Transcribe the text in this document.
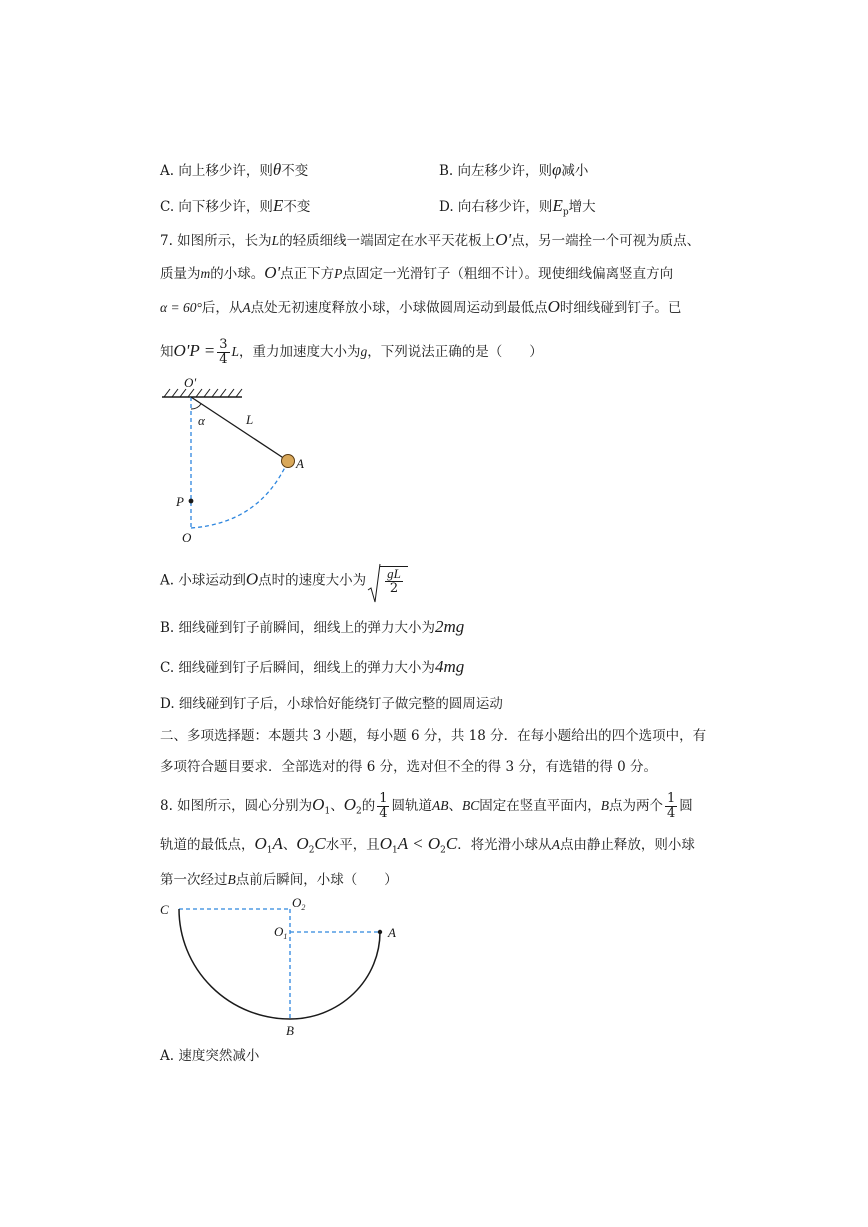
A. 向上移少许，则θ不变	B. 向左移少许，则φ减小
C. 向下移少许，则E不变	D. 向右移少许，则$E_p$增大
7. 如图所示，长为L的轻质细线一端固定在水平天花板上O'点，另一端拴一个可视为质点、
质量为m的小球。O'点正下方P点固定一光滑钉子（粗细不计）。现使细线偏离竖直方向
α = 60°后，从A点处无初速度释放小球，小球做圆周运动到最低点O时细线碰到钉子。已
知$O'P = \frac{3}{4}$ L，重力加速度大小为g，下列说法正确的是（　　）
O'
α	L
A
P
O
A. 小球运动到O点时的速度大小为 $\frac{gL}{2}$
B. 细线碰到钉子前瞬间，细线上的弹力大小为2mg
C. 细线碰到钉子后瞬间，细线上的弹力大小为4mg
D. 细线碰到钉子后，小球恰好能绕钉子做完整的圆周运动
二、多项选择题：本题共 3 小题，每小题 6 分，共 18 分．在每小题给出的四个选项中，有
多项符合题目要求．全部选对的得 6 分，选对但不全的得 3 分，有选错的得 0 分。
8. 如图所示，圆心分别为$O_1$、$O_2$的 $\frac{1}{4}$ 圆轨道AB、BC固定在竖直平面内，B点为两个 $\frac{1}{4}$ 圆
轨道的最低点，$O_1A$、$O_2C$水平，且$O_1A < O_2C$．将光滑小球从A点由静止释放，则小球
第一次经过B点前后瞬间，小球（　　）
C	$O_2$
$O_1$	A
B
A. 速度突然减小
